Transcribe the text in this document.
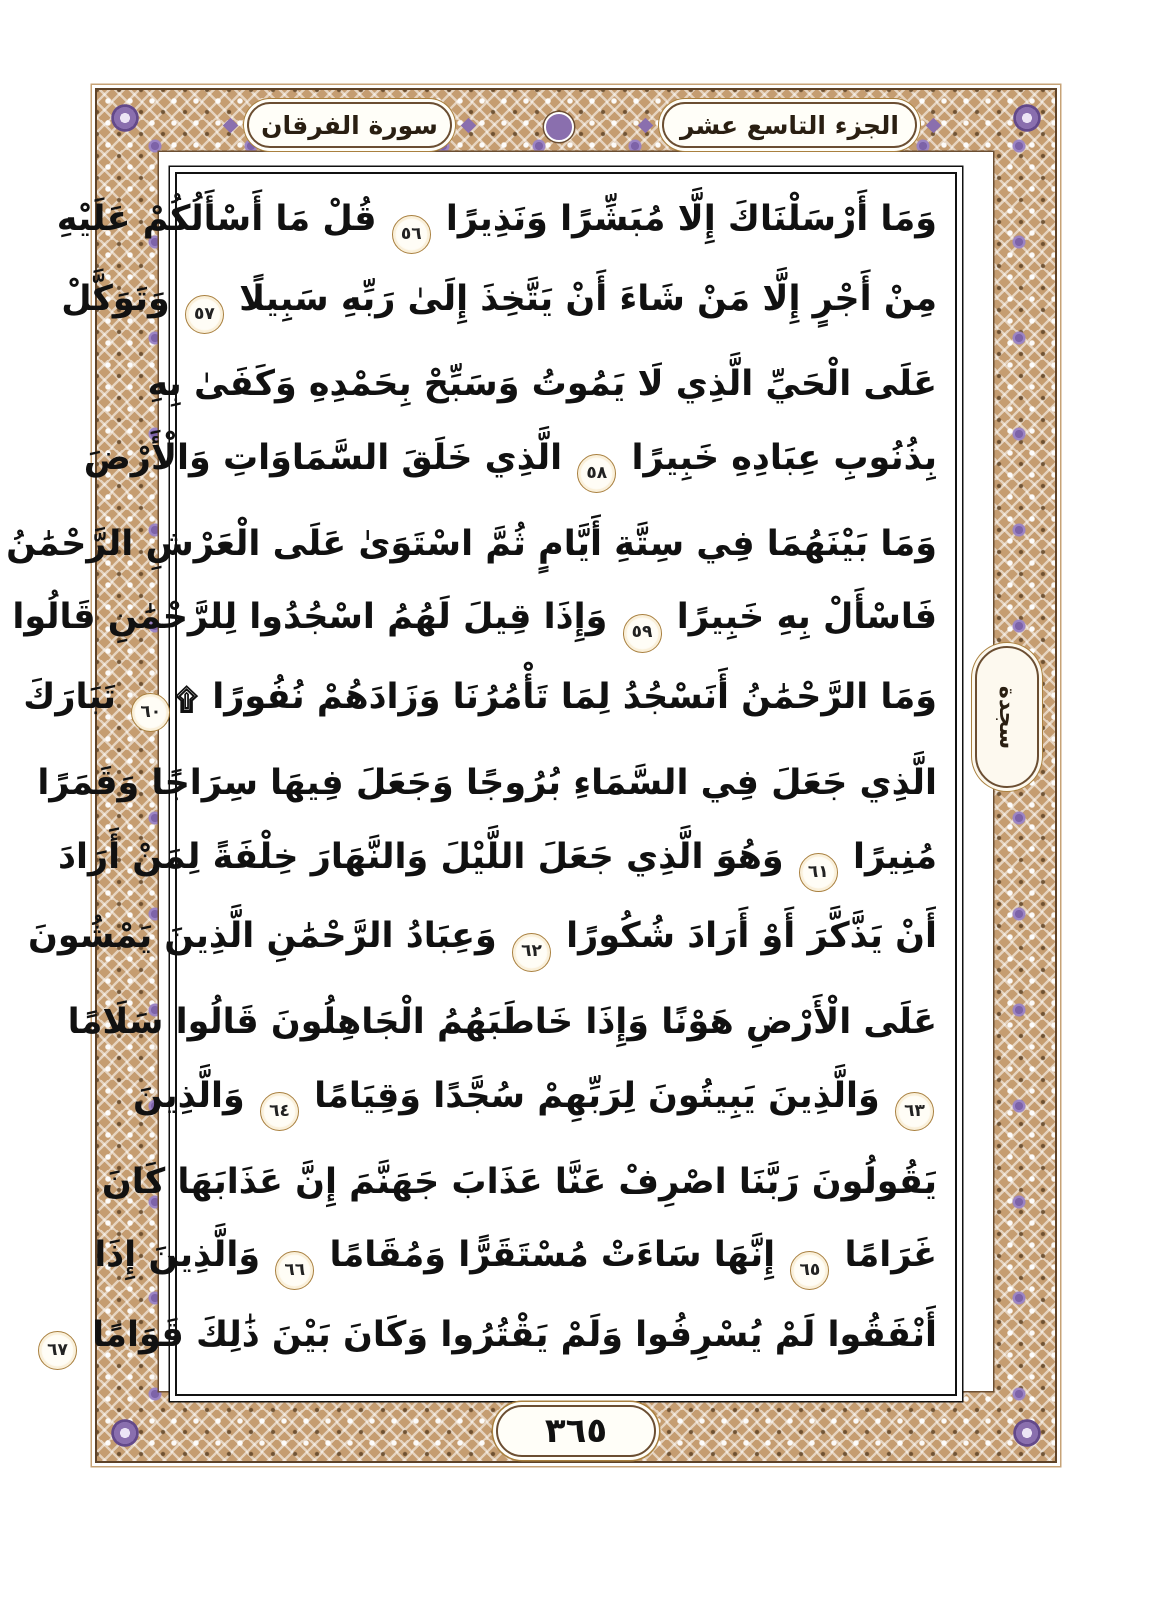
سورة الفرقان	الجزء التاسع عشر
وَمَا أَرْسَلْنَاكَ إِلَّا مُبَشِّرًا وَنَذِيرًا ٥٦ قُلْ مَا أَسْأَلُكُمْ عَلَيْهِ
مِنْ أَجْرٍ إِلَّا مَنْ شَاءَ أَنْ يَتَّخِذَ إِلَىٰ رَبِّهِ سَبِيلًا ٥٧ وَتَوَكَّلْ
عَلَى الْحَيِّ الَّذِي لَا يَمُوتُ وَسَبِّحْ بِحَمْدِهِ وَكَفَىٰ بِهِ
بِذُنُوبِ عِبَادِهِ خَبِيرًا ٥٨ الَّذِي خَلَقَ السَّمَاوَاتِ وَالْأَرْضَ
وَمَا بَيْنَهُمَا فِي سِتَّةِ أَيَّامٍ ثُمَّ اسْتَوَىٰ عَلَى الْعَرْشِ الرَّحْمَٰنُ
فَاسْأَلْ بِهِ خَبِيرًا ٥٩ وَإِذَا قِيلَ لَهُمُ اسْجُدُوا لِلرَّحْمَٰنِ قَالُوا
وَمَا الرَّحْمَٰنُ أَنَسْجُدُ لِمَا تَأْمُرُنَا وَزَادَهُمْ نُفُورًا ۩٦٠ تَبَارَكَ
الَّذِي جَعَلَ فِي السَّمَاءِ بُرُوجًا وَجَعَلَ فِيهَا سِرَاجًا وَقَمَرًا
مُنِيرًا ٦١ وَهُوَ الَّذِي جَعَلَ اللَّيْلَ وَالنَّهَارَ خِلْفَةً لِمَنْ أَرَادَ
أَنْ يَذَّكَّرَ أَوْ أَرَادَ شُكُورًا ٦٢ وَعِبَادُ الرَّحْمَٰنِ الَّذِينَ يَمْشُونَ
عَلَى الْأَرْضِ هَوْنًا وَإِذَا خَاطَبَهُمُ الْجَاهِلُونَ قَالُوا سَلَامًا
٦٣ وَالَّذِينَ يَبِيتُونَ لِرَبِّهِمْ سُجَّدًا وَقِيَامًا ٦٤ وَالَّذِينَ
يَقُولُونَ رَبَّنَا اصْرِفْ عَنَّا عَذَابَ جَهَنَّمَ إِنَّ عَذَابَهَا كَانَ
غَرَامًا ٦٥ إِنَّهَا سَاءَتْ مُسْتَقَرًّا وَمُقَامًا ٦٦ وَالَّذِينَ إِذَا
أَنْفَقُوا لَمْ يُسْرِفُوا وَلَمْ يَقْتُرُوا وَكَانَ بَيْنَ ذَٰلِكَ قَوَامًا ٦٧
سجدة
٣٦٥
